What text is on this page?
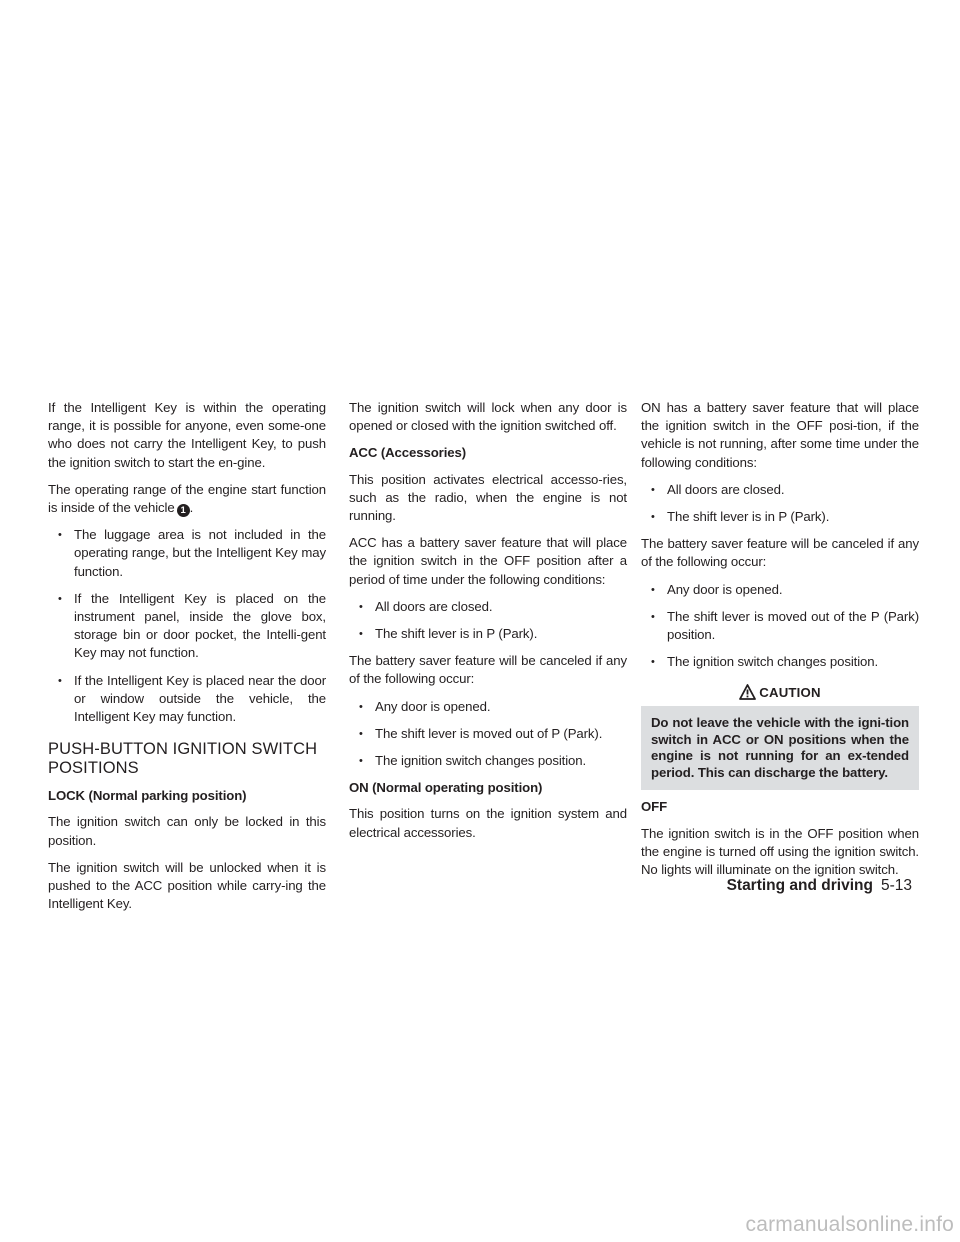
If the Intelligent Key is within the operating range, it is possible for anyone, even some-one who does not carry the Intelligent Key, to push the ignition switch to start the en-gine.

The operating range of the engine start function is inside of the vehicle 1 .

• The luggage area is not included in the operating range, but the Intelligent Key may function.
• If the Intelligent Key is placed on the instrument panel, inside the glove box, storage bin or door pocket, the Intelli-gent Key may not function.
• If the Intelligent Key is placed near the door or window outside the vehicle, the Intelligent Key may function.
PUSH-BUTTON IGNITION SWITCH POSITIONS

LOCK (Normal parking position)

The ignition switch can only be locked in this position.

The ignition switch will be unlocked when it is pushed to the ACC position while carry-ing the Intelligent Key.

The ignition switch will lock when any door is opened or closed with the ignition switched off.

ACC (Accessories)

This position activates electrical accesso-ries, such as the radio, when the engine is not running.

ACC has a battery saver feature that will place the ignition switch in the OFF position after a period of time under the following conditions:

• All doors are closed.
• The shift lever is in P (Park).

The battery saver feature will be canceled if any of the following occur:

• Any door is opened.
• The shift lever is moved out of P (Park).
• The ignition switch changes position.

ON (Normal operating position)

This position turns on the ignition system and electrical accessories.

ON has a battery saver feature that will place the ignition switch in the OFF posi-tion, if the vehicle is not running, after some time under the following conditions:

• All doors are closed.
• The shift lever is in P (Park).

The battery saver feature will be canceled if any of the following occur:

• Any door is opened.
• The shift lever is moved out of the P (Park) position.
• The ignition switch changes position.
CAUTION

Do not leave the vehicle with the igni-tion switch in ACC or ON positions when the engine is not running for an ex-tended period. This can discharge the battery.

OFF

The ignition switch is in the OFF position when the engine is turned off using the ignition switch. No lights will illuminate on the ignition switch.

Starting and driving 5-13
carmanualsonline.info
